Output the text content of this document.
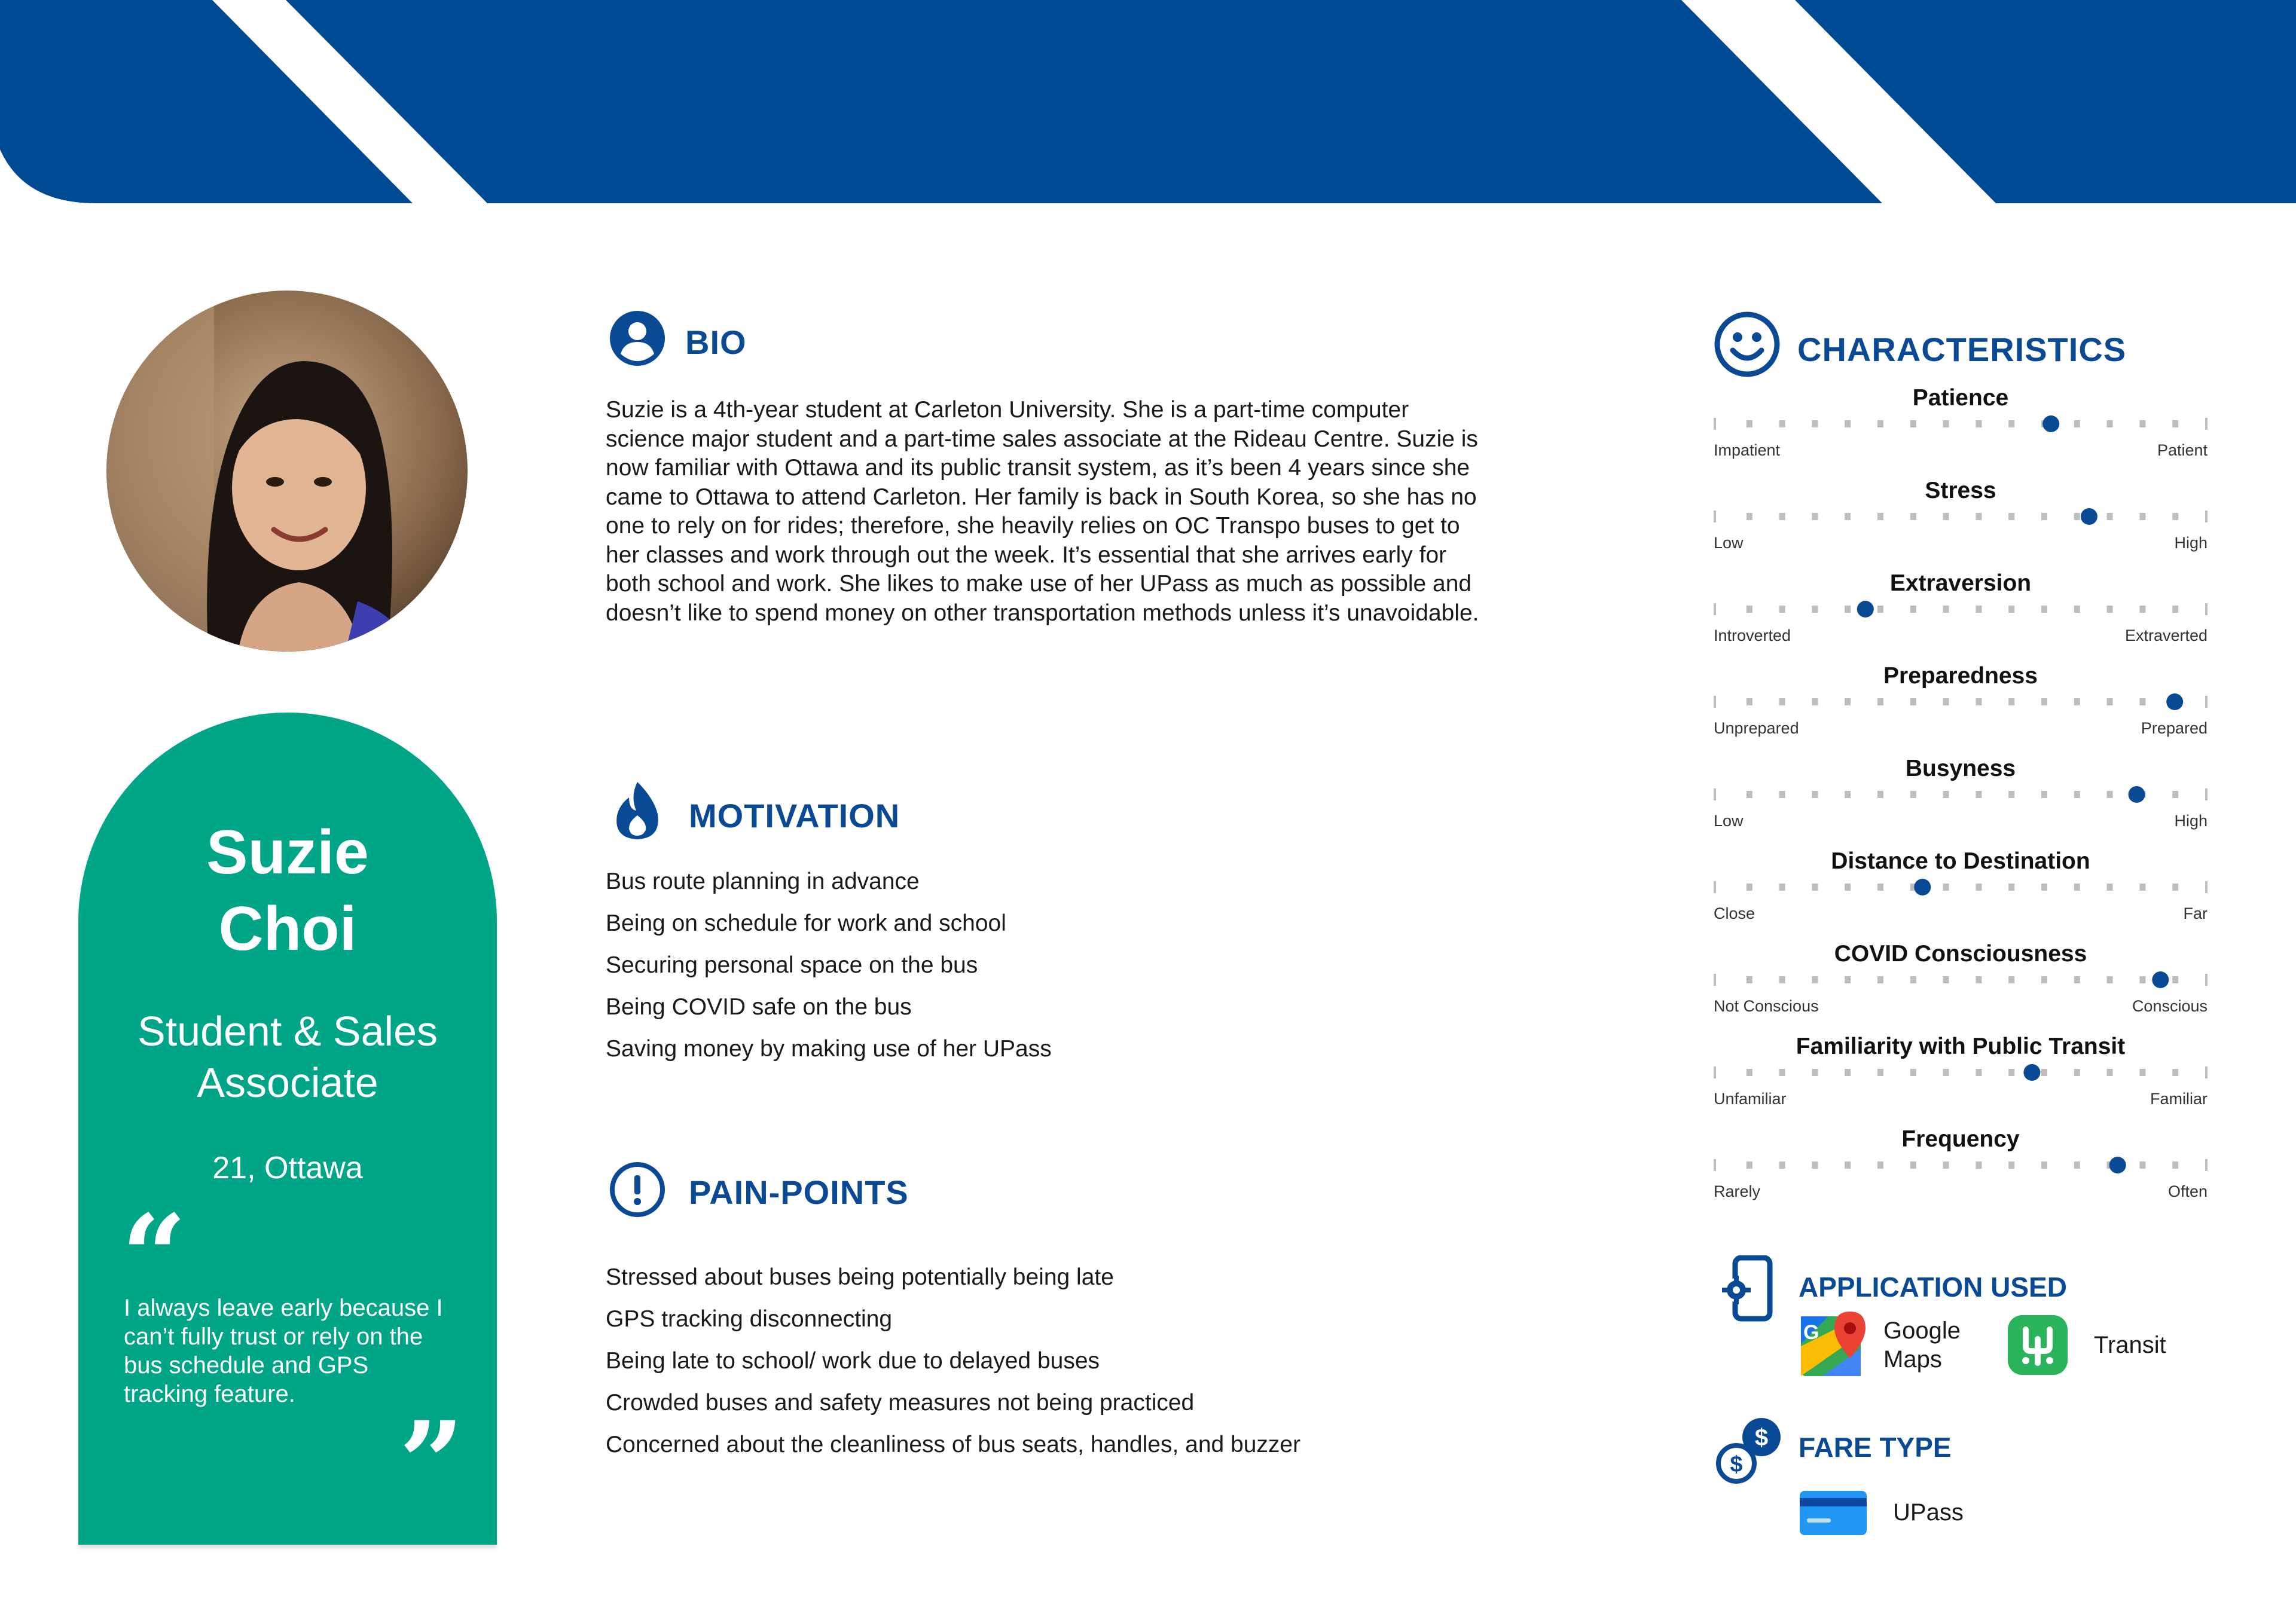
Suzie
Choi
Student & Sales
Associate
21, Ottawa
“
I always leave early because I can’t fully trust or rely on the bus schedule and GPS tracking feature.
”
BIO
Suzie is a 4th-year student at Carleton University. She is a part-time computer science major student and a part-time sales associate at the Rideau Centre. Suzie is now familiar with Ottawa and its public transit system, as it’s been 4 years since she came to Ottawa to attend Carleton. Her family is back in South Korea, so she has no one to rely on for rides; therefore, she heavily relies on OC Transpo buses to get to her classes and work through out the week. It’s essential that she arrives early for both school and work. She likes to make use of her UPass as much as possible and doesn’t like to spend money on other transportation methods unless it’s unavoidable.
MOTIVATION
Bus route planning in advance
Being on schedule for work and school
Securing personal space on the bus
Being COVID safe on the bus
Saving money by making use of her UPass
PAIN-POINTS
Stressed about buses being potentially being late
GPS tracking disconnecting
Being late to school/ work due to delayed buses
Crowded buses and safety measures not being practiced
Concerned about the cleanliness of bus seats, handles, and buzzer
CHARACTERISTICS
Patience
Impatient	Patient
Stress
Low	High
Extraversion
Introverted	Extraverted
Preparedness
Unprepared	Prepared
Busyness
Low	High
Distance to Destination
Close	Far
COVID Consciousness
Not Conscious	Conscious
Familiarity with Public Transit
Unfamiliar	Familiar
Frequency
Rarely	Often
APPLICATION USED
G	Google
Maps
Transit
$
$ FARE TYPE
UPass
